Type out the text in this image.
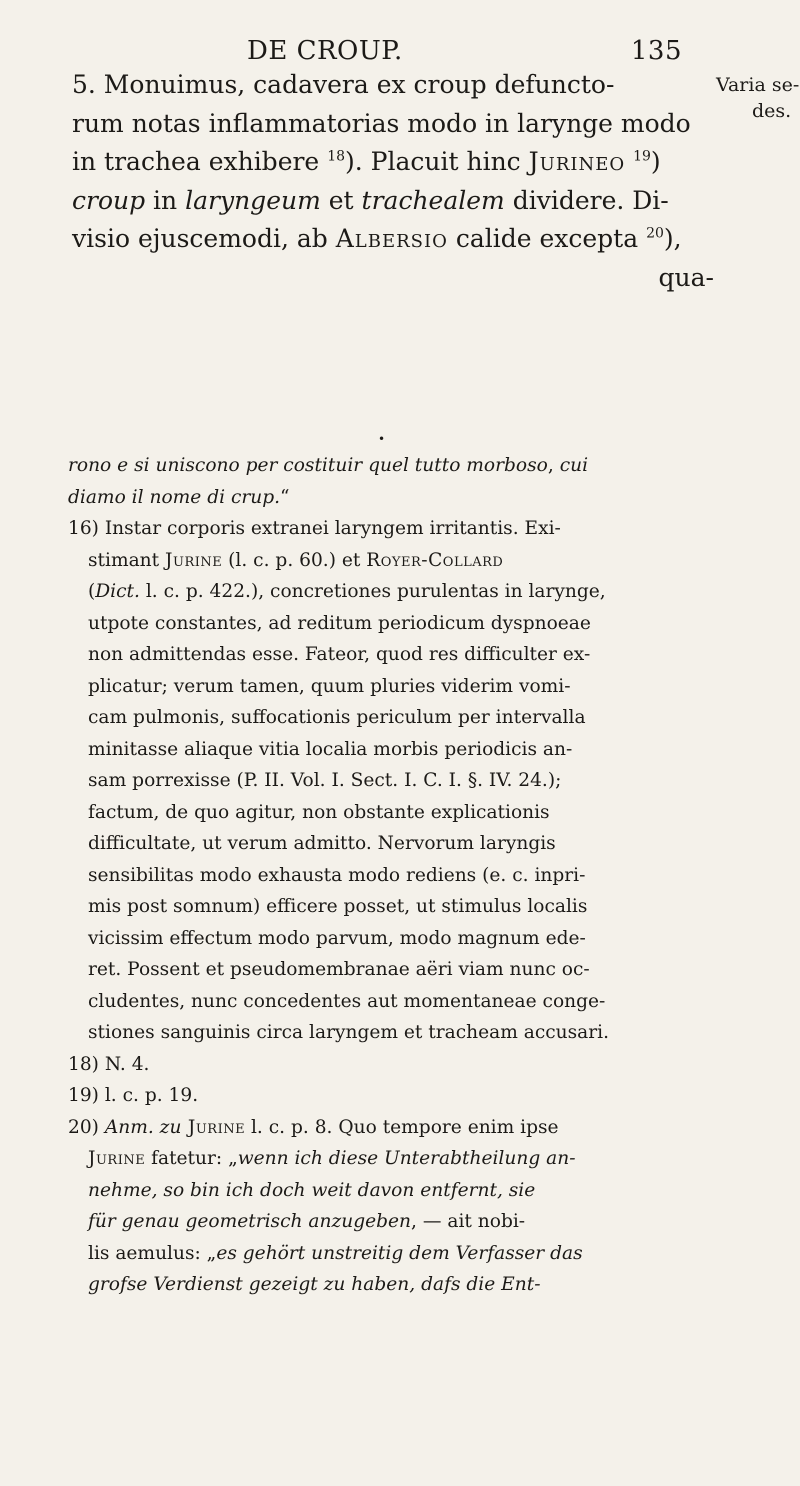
DE CROUP.	135
Varia se-
des.
5. Monuimus, cadavera ex croup defuncto-
rum notas inflammatorias modo in larynge modo
in trachea exhibere $^{18}$). Placuit hinc Jurineo $^{19}$)
croup in laryngeum et trachealem dividere. Di-
visio ejuscemodi, ab Albersio calide excepta $^{20}$),
qua-
•
rono e si uniscono per costituir quel tutto morboso, cui
diamo il nome di crup.“
16) Instar corporis extranei laryngem irritantis. Exi-
stimant Jurine (l. c. p. 60.) et Royer-Collard
(Dict. l. c. p. 422.), concretiones purulentas in larynge,
utpote constantes, ad reditum periodicum dyspnoeae
non admittendas esse. Fateor, quod res difficulter ex-
plicatur; verum tamen, quum pluries viderim vomi-
cam pulmonis, suffocationis periculum per intervalla
minitasse aliaque vitia localia morbis periodicis an-
sam porrexisse (P. II. Vol. I. Sect. I. C. I. §. IV. 24.);
factum, de quo agitur, non obstante explicationis
difficultate, ut verum admitto. Nervorum laryngis
sensibilitas modo exhausta modo rediens (e. c. inpri-
mis post somnum) efficere posset, ut stimulus localis
vicissim effectum modo parvum, modo magnum ede-
ret. Possent et pseudomembranae aëri viam nunc oc-
cludentes, nunc concedentes aut momentaneae conge-
stiones sanguinis circa laryngem et tracheam accusari.
18) N. 4.
19) l. c. p. 19.
20) Anm. zu Jurine l. c. p. 8. Quo tempore enim ipse
Jurine fatetur: „wenn ich diese Unterabtheilung an-
nehme, so bin ich doch weit davon entfernt, sie
für genau geometrisch anzugeben, — ait nobi-
lis aemulus: „es gehört unstreitig dem Verfasser das
grofse Verdienst gezeigt zu haben, dafs die Ent-
